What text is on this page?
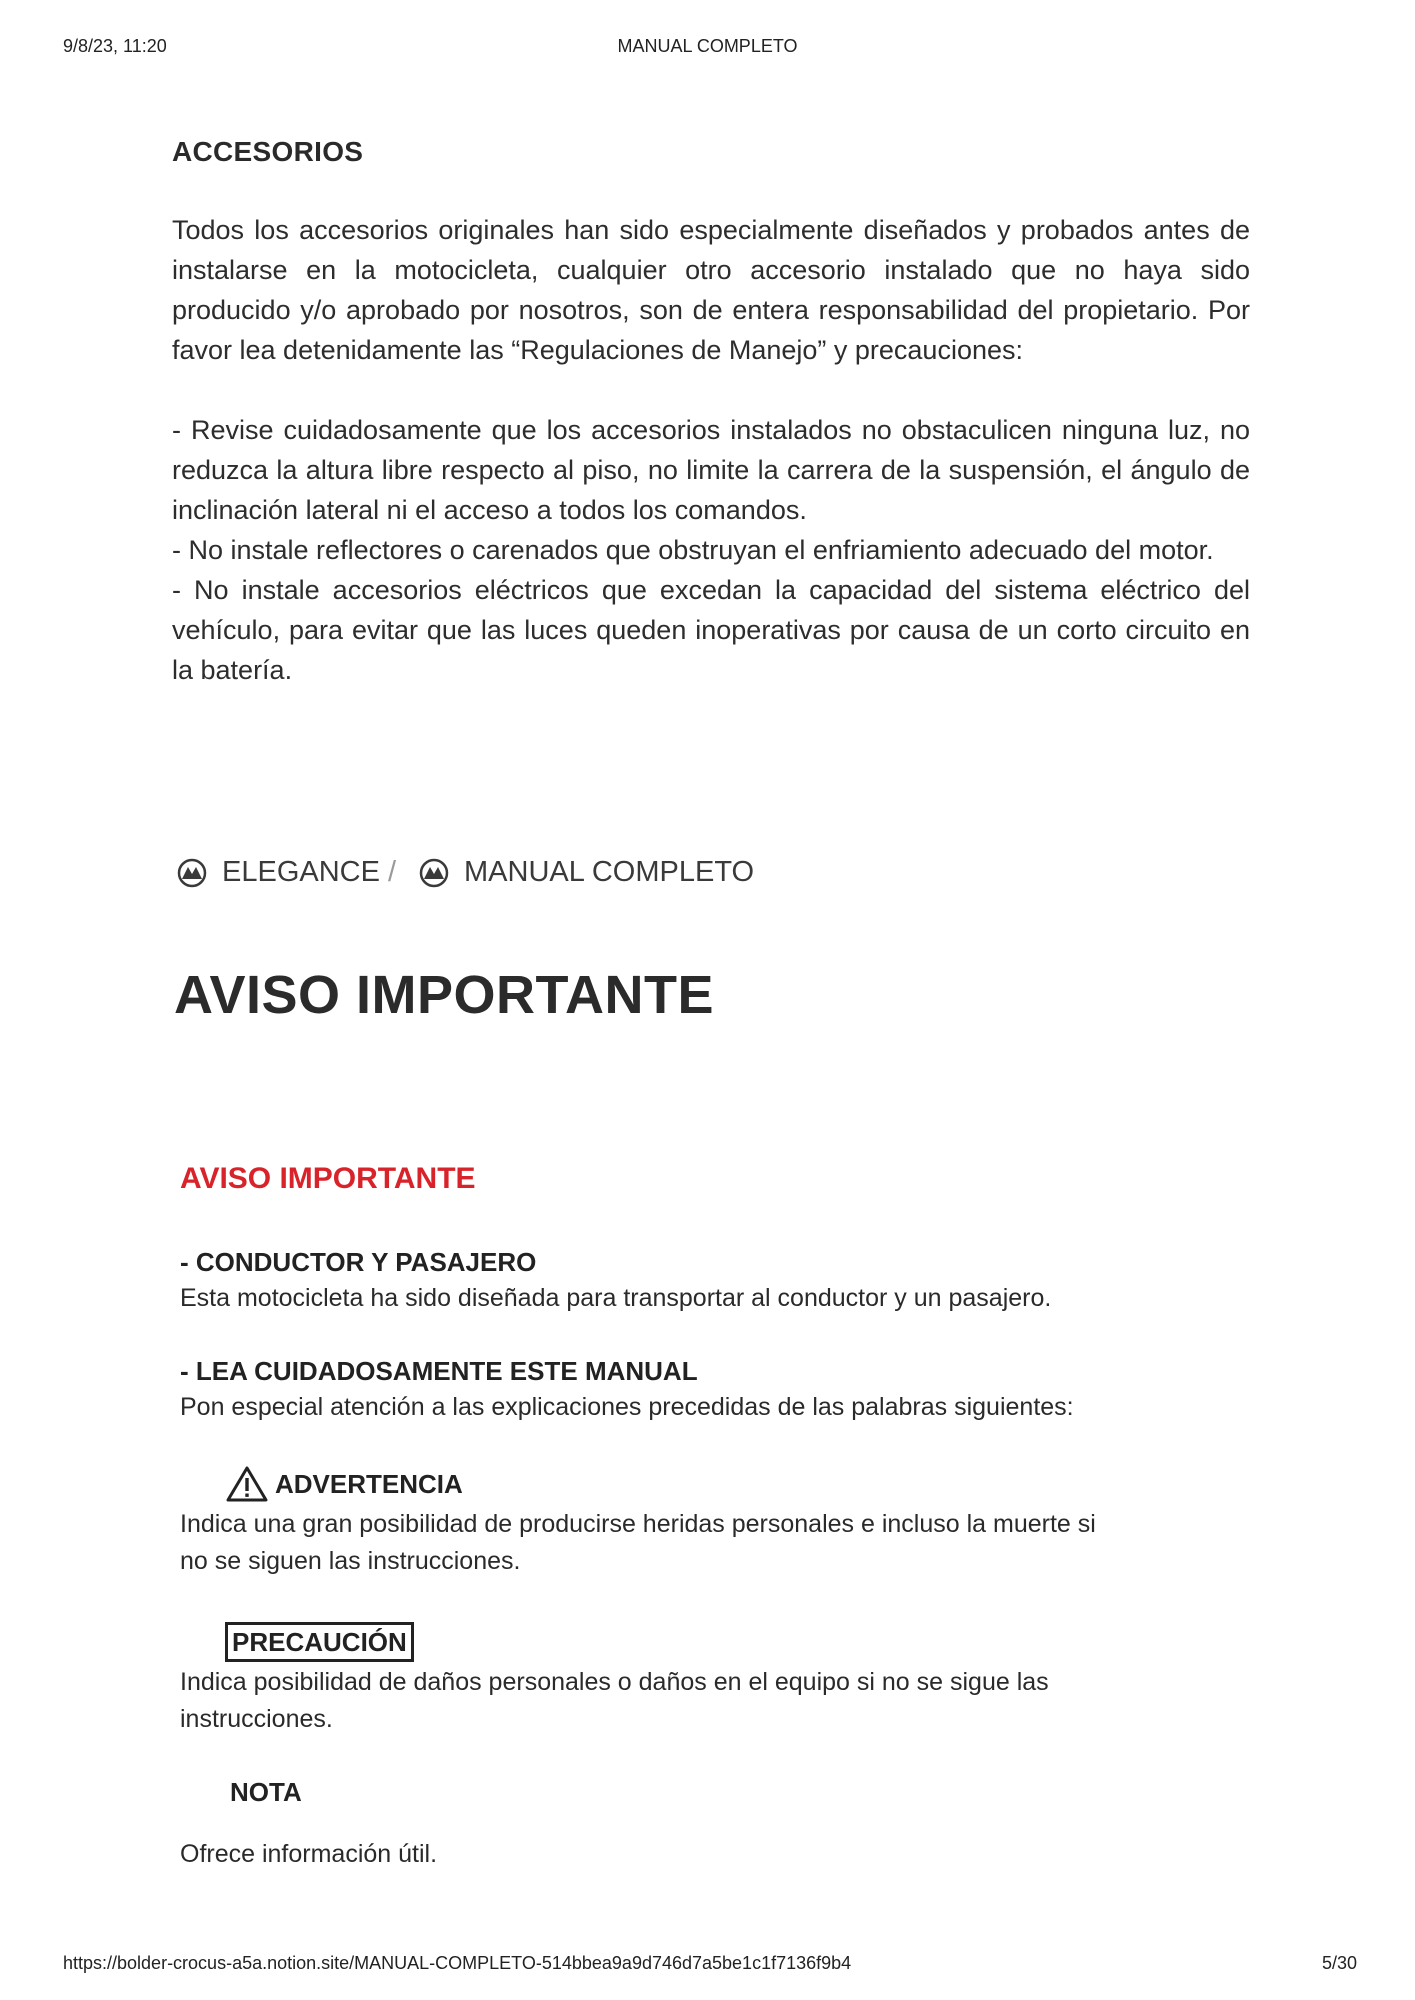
9/8/23, 11:20	MANUAL COMPLETO
ACCESORIOS

Todos los accesorios originales han sido especialmente diseñados y probados antes de instalarse en la motocicleta, cualquier otro accesorio instalado que no haya sido producido y/o aprobado por nosotros, son de entera responsabilidad del propietario. Por favor lea detenidamente las “Regulaciones de Manejo” y precauciones:

- Revise cuidadosamente que los accesorios instalados no obstaculicen ninguna luz, no reduzca la altura libre respecto al piso, no limite la carrera de la suspensión, el ángulo de inclinación lateral ni el acceso a todos los comandos.

- No instale reflectores o carenados que obstruyan el enfriamiento adecuado del motor.

- No instale accesorios eléctricos que excedan la capacidad del sistema eléctrico del vehículo, para evitar que las luces queden inoperativas por causa de un corto circuito en la batería.

ELEGANCE / MANUAL COMPLETO
AVISO IMPORTANTE
AVISO IMPORTANTE

- CONDUCTOR Y PASAJERO

Esta motocicleta ha sido diseñada para transportar al conductor y un pasajero.

- LEA CUIDADOSAMENTE ESTE MANUAL

Pon especial atención a las explicaciones precedidas de las palabras siguientes:

ADVERTENCIA

Indica una gran posibilidad de producirse heridas personales e incluso la muerte si

no se siguen las instrucciones.

PRECAUCIÓN

Indica posibilidad de daños personales o daños en el equipo si no se sigue las

instrucciones.

NOTA

Ofrece información útil.

https://bolder-crocus-a5a.notion.site/MANUAL-COMPLETO-514bbea9a9d746d7a5be1c1f7136f9b4	5/30
